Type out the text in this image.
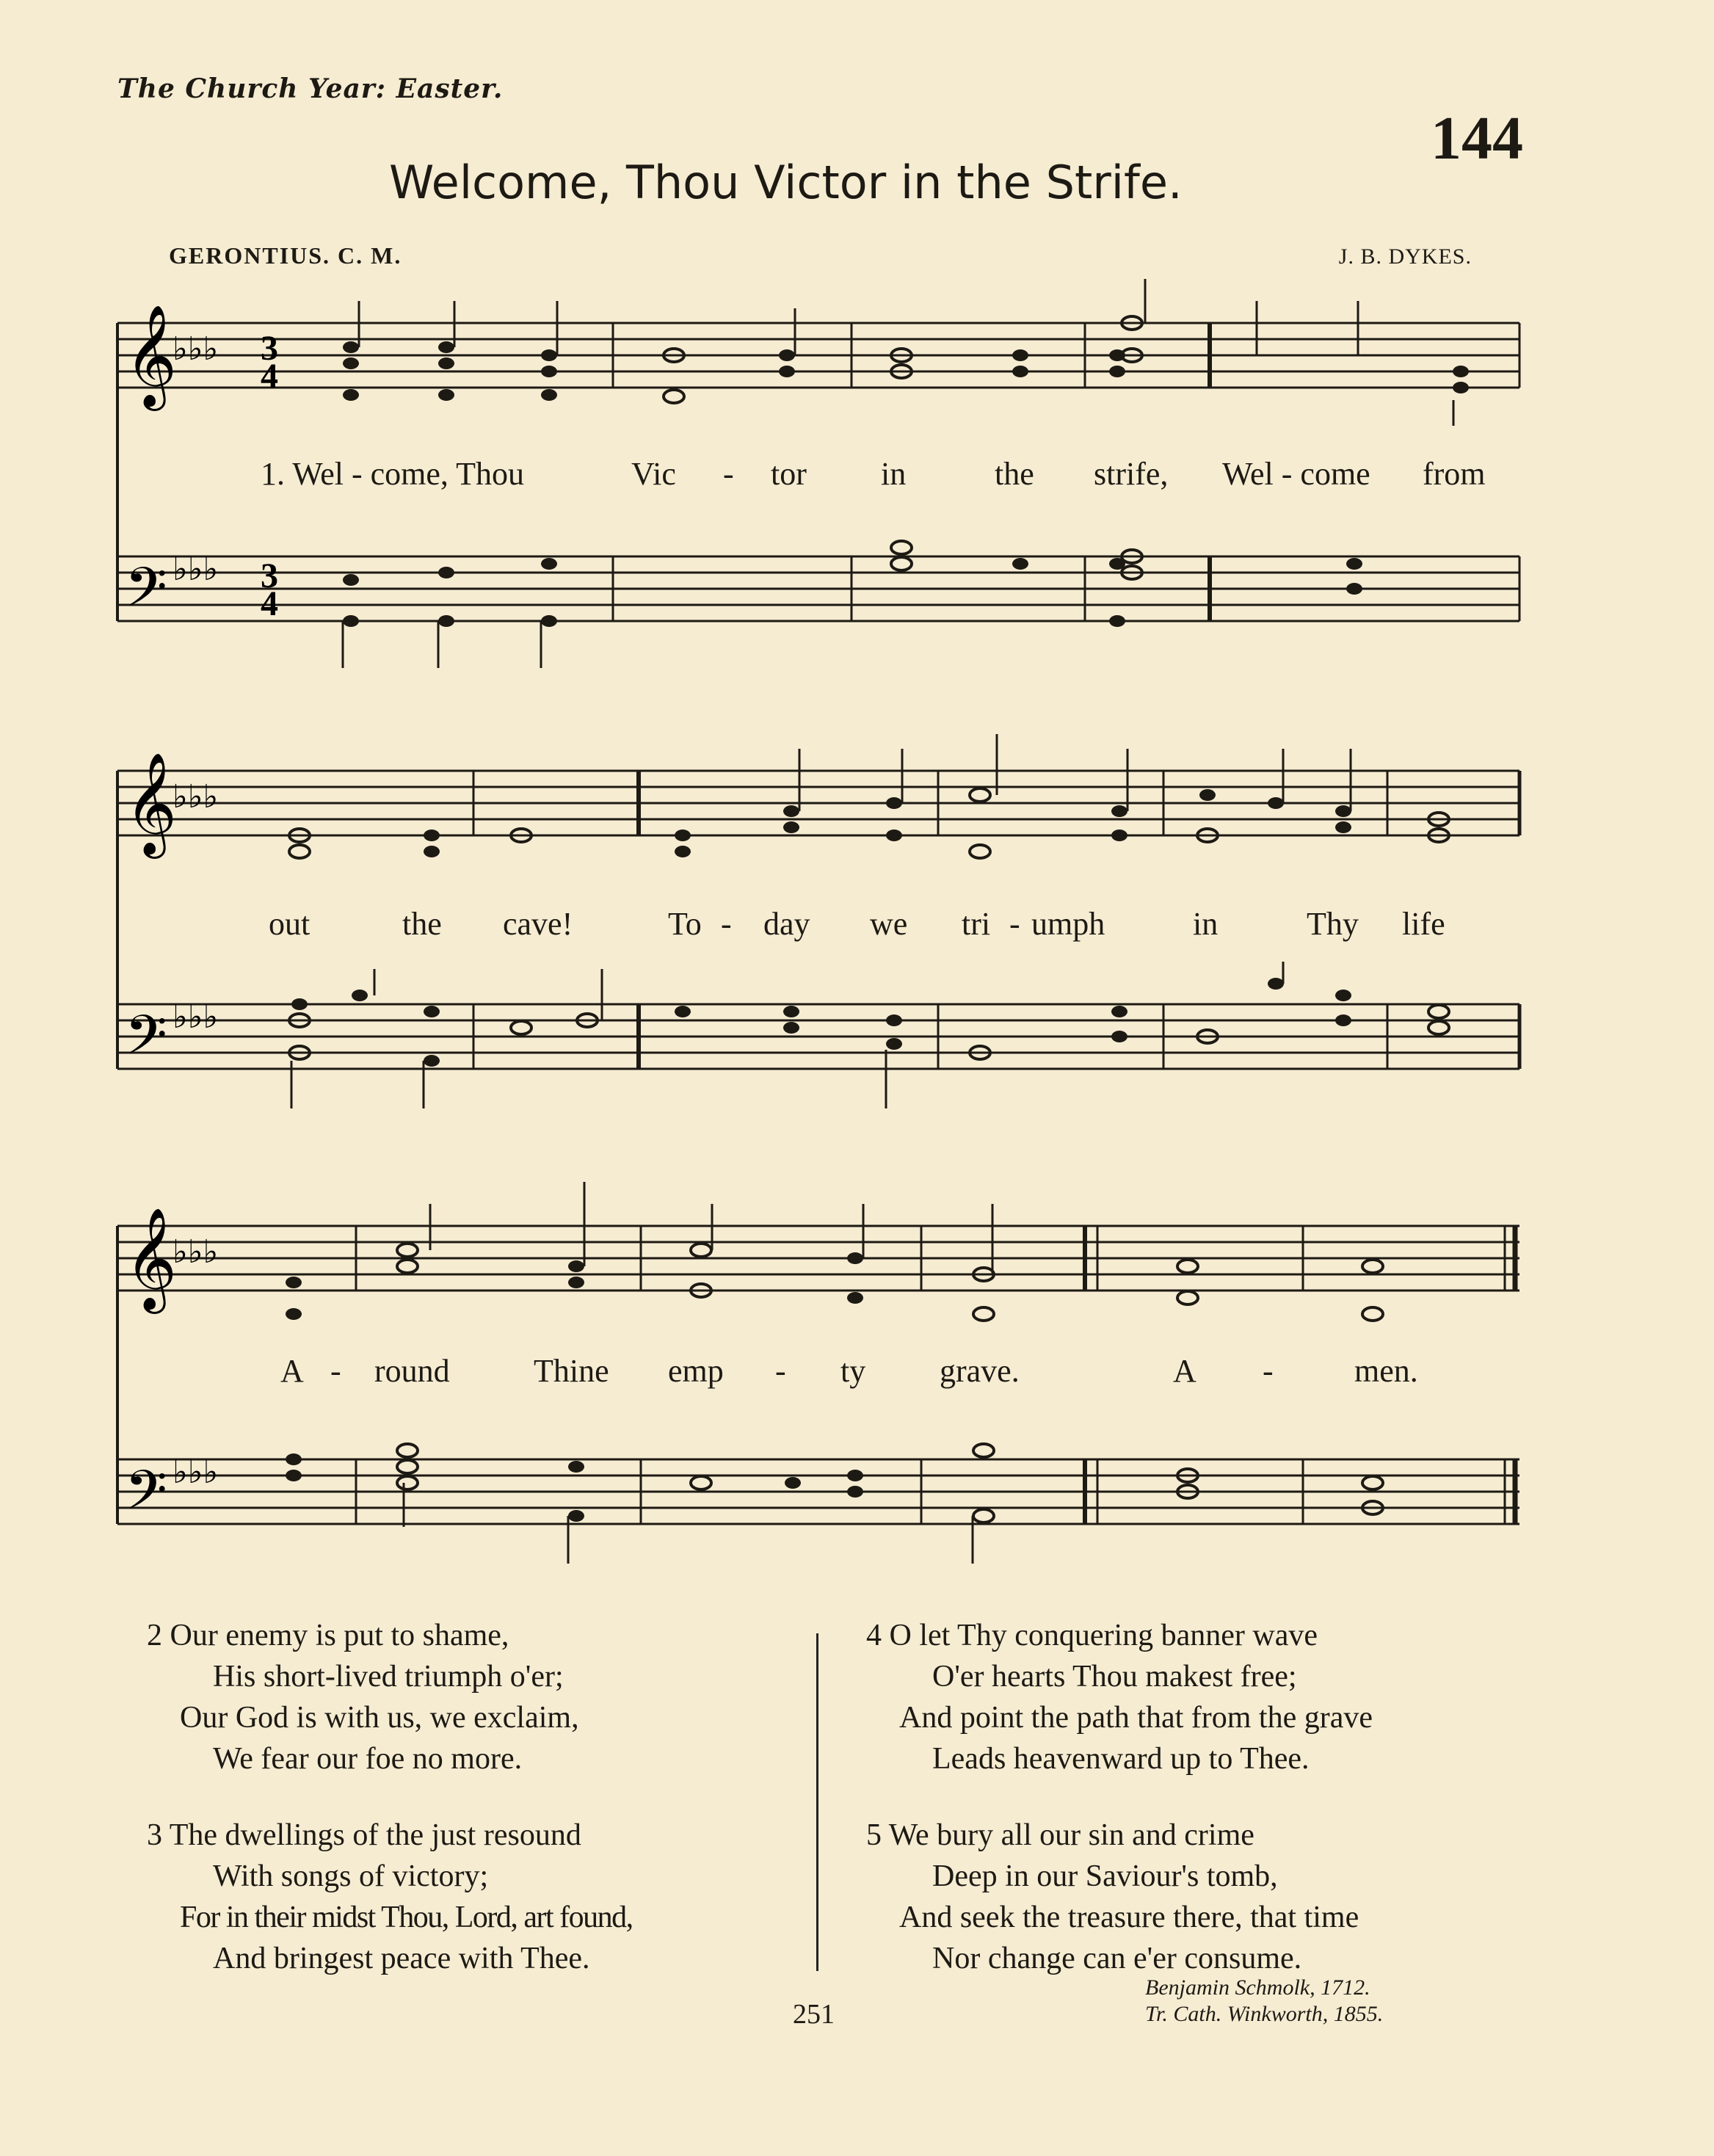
The Church Year: Easter.
144
Welcome, Thou Victor in the Strife.
GERONTIUS. C. M.	J. B. DYKES.
𝄞
𝄢
♭♭♭
♭♭♭
3
4
3
4
1. Wel - come, Thou	Vic - tor in	the strife, Wel - come from
𝄞
𝄢
♭♭♭
♭♭♭
out	the cave!	To - day we tri - umph	in	Thy life
𝄞
𝄢
♭♭♭
♭♭♭
A - round	Thine emp - ty grave.	A -	men.
2 Our enemy is put to shame,
His short-lived triumph o'er;
Our God is with us, we exclaim,
We fear our foe no more.
3 The dwellings of the just resound
With songs of victory;
For in their midst Thou, Lord, art found,
And bringest peace with Thee.
4 O let Thy conquering banner wave
O'er hearts Thou makest free;
And point the path that from the grave
Leads heavenward up to Thee.
5 We bury all our sin and crime
Deep in our Saviour's tomb,
And seek the treasure there, that time
Nor change can e'er consume.
Benjamin Schmolk, 1712.
Tr. Cath. Winkworth, 1855.
251
